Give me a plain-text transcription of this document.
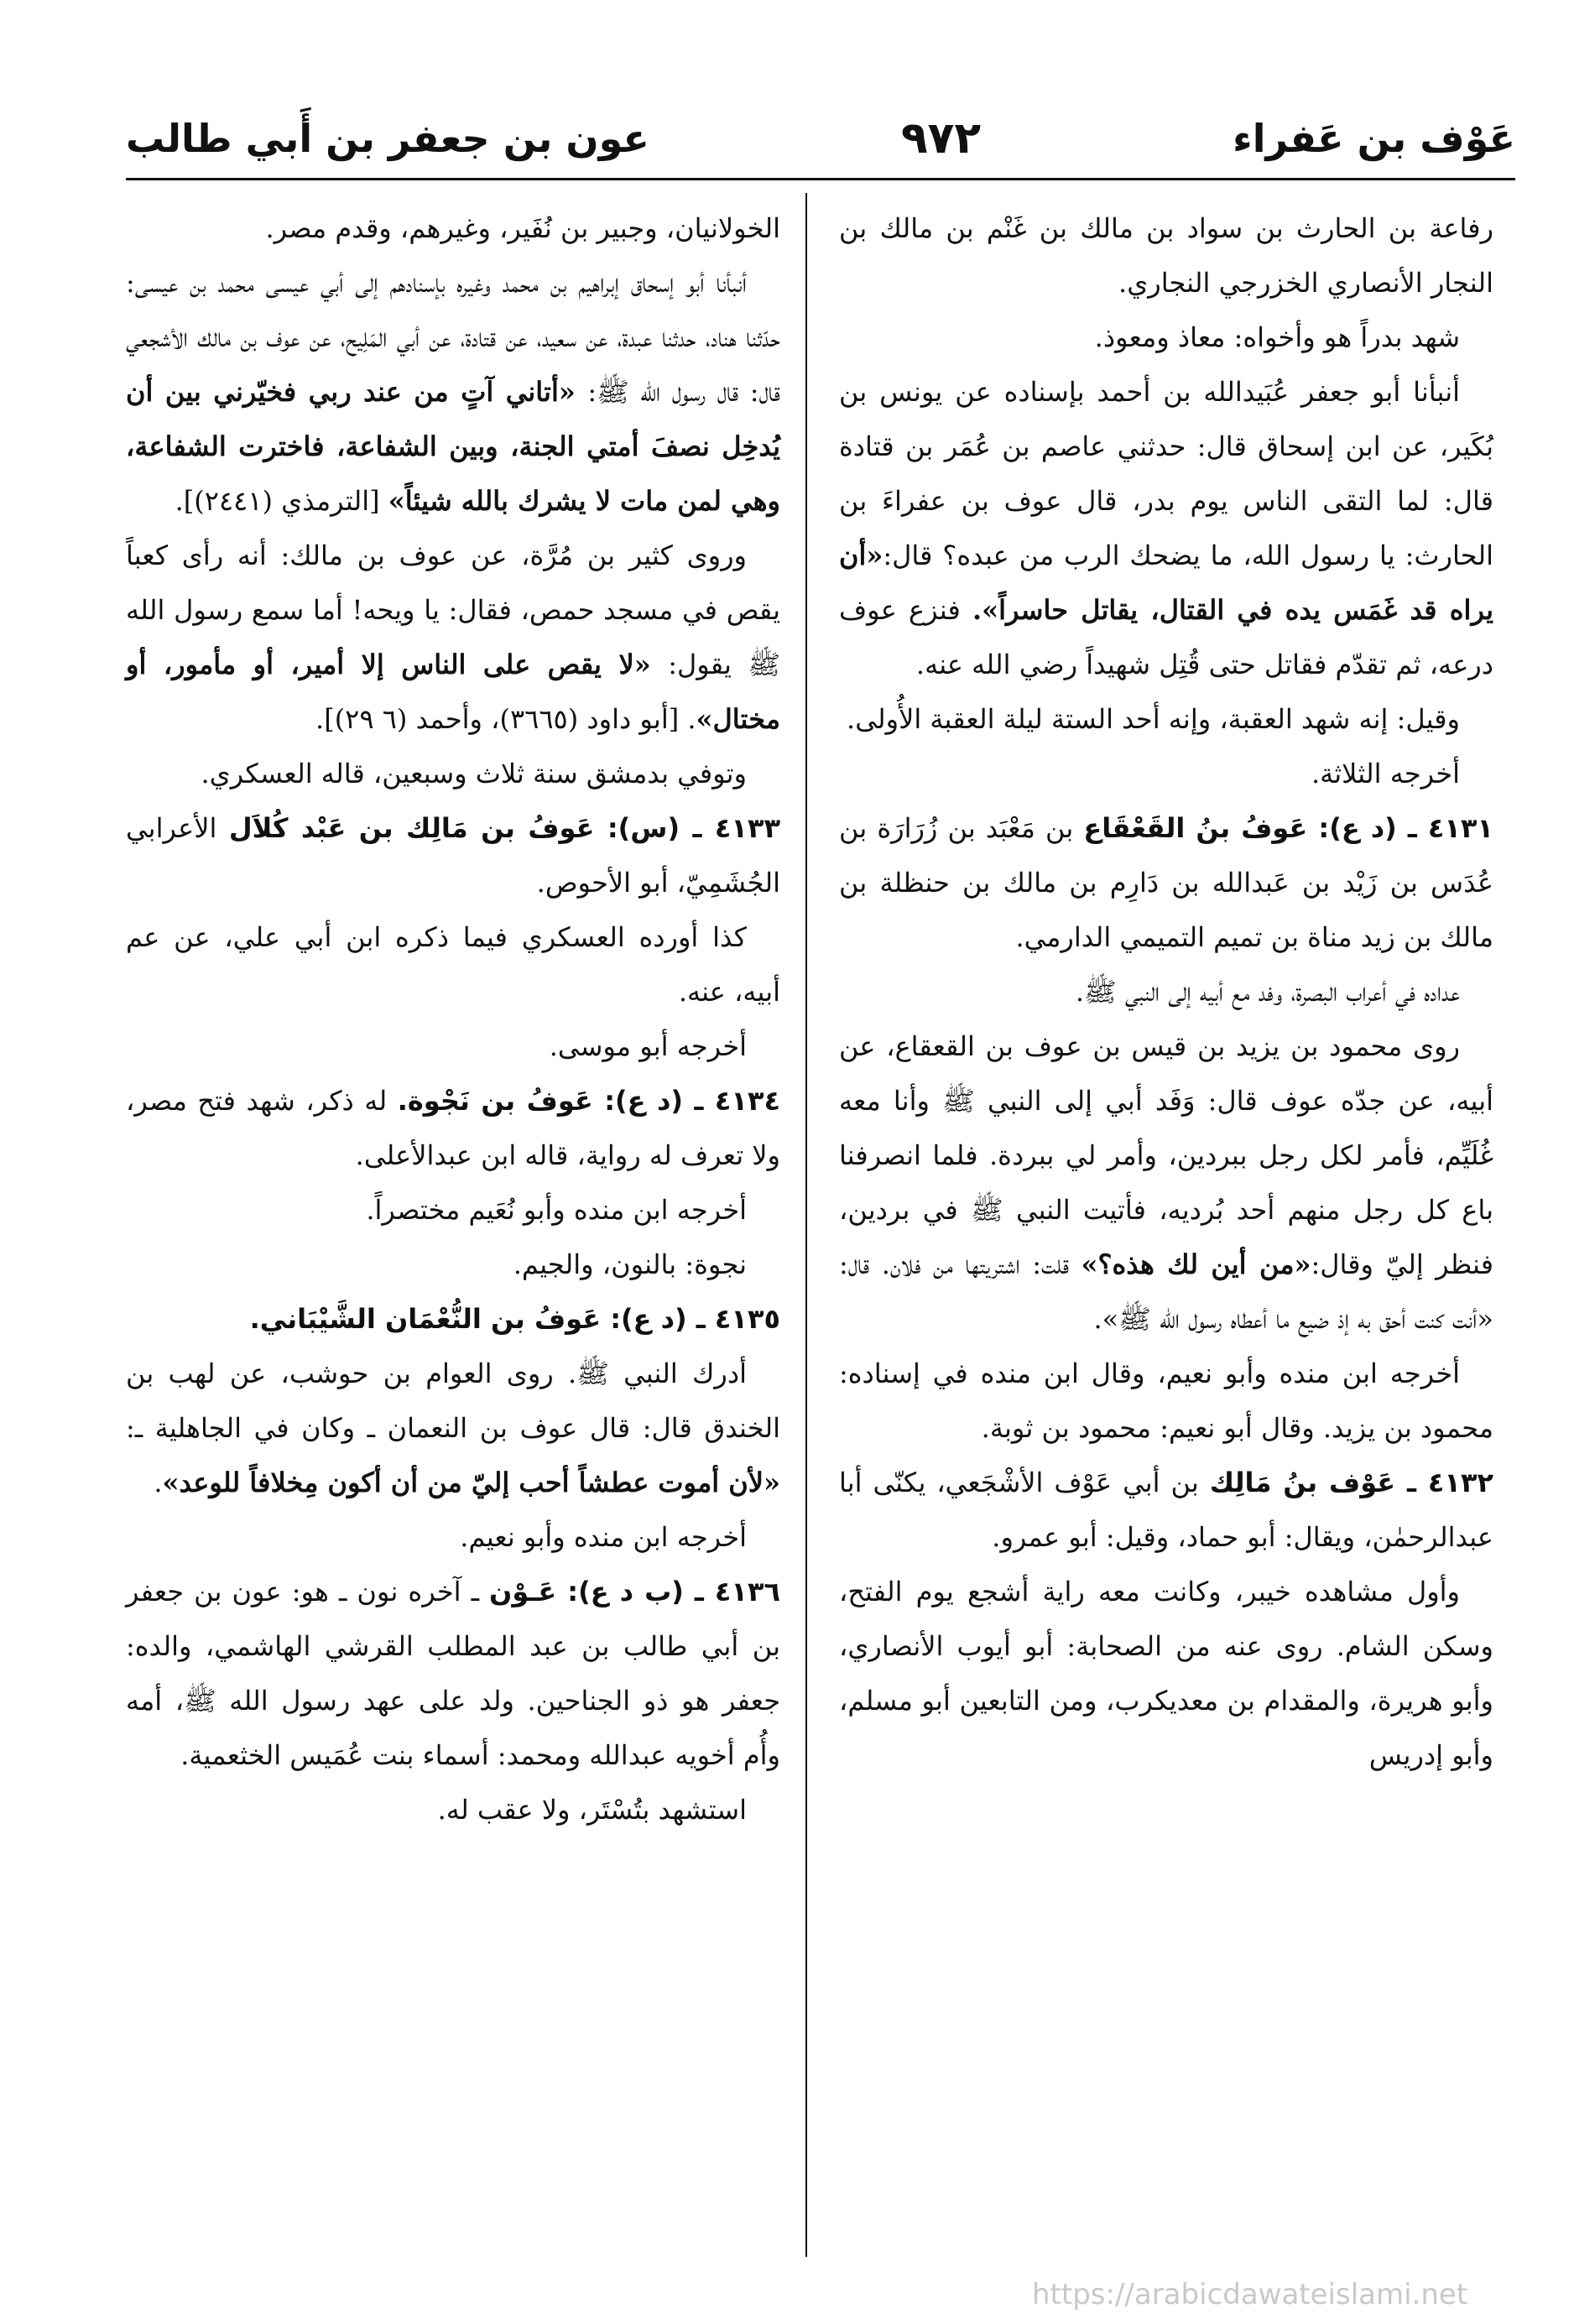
عَوْف بن عَفراء
٩٧٢
عون بن جعفر بن أَبي طالب

رفاعة بن الحارث بن سواد بن مالك بن غَنْم بن مالك بن النجار الأنصاري الخزرجي النجاري.

شهد بدراً هو وأخواه: معاذ ومعوذ.

أنبأنا أبو جعفر عُبَيدالله بن أحمد بإسناده عن يونس بن بُكَير، عن ابن إسحاق قال: حدثني عاصم بن عُمَر بن قتادة قال: لما التقى الناس يوم بدر، قال عوف بن عفراءَ بن الحارث: يا رسول الله، ما يضحك الرب من عبده؟ قال:«أن يراه قد غَمَس يده في القتال، يقاتل حاسراً». فنزع عوف درعه، ثم تقدّم فقاتل حتى قُتِل شهيداً رضي الله عنه.

وقيل: إنه شهد العقبة، وإنه أحد الستة ليلة العقبة الأُولى.

أخرجه الثلاثة.

٤١٣١ ـ (د ع): عَوفُ بنُ القَعْقَاع بن مَعْبَد بن زُرَارَة بن عُدَس بن زَيْد بن عَبدالله بن دَارِم بن مالك بن حنظلة بن مالك بن زيد مناة بن تميم التميمي الدارمي.

عداده في أعراب البصرة، وفد مع أبيه إلى النبي ﷺ.

روى محمود بن يزيد بن قيس بن عوف بن القعقاع، عن أبيه، عن جدّه عوف قال: وَفَد أبي إلى النبي ﷺ وأنا معه غُلَيِّم، فأمر لكل رجل ببردين، وأمر لي ببردة. فلما انصرفنا باع كل رجل منهم أحد بُرديه، فأتيت النبي ﷺ في بردين، فنظر إليّ وقال:«من أين لك هذه؟» قلت: اشتريتها من فلان. قال: «أنت كنت أحق به إذ ضيع ما أعطاه رسول الله ﷺ».

أخرجه ابن منده وأبو نعيم، وقال ابن منده في إسناده: محمود بن يزيد. وقال أبو نعيم: محمود بن ثوبة.

٤١٣٢ ـ عَوْف بنُ مَالِك بن أبي عَوْف الأشْجَعي، يكنّى أبا عبدالرحمٰن، ويقال: أبو حماد، وقيل: أبو عمرو.

وأول مشاهده خيبر، وكانت معه راية أشجع يوم الفتح، وسكن الشام. روى عنه من الصحابة: أبو أيوب الأنصاري، وأبو هريرة، والمقدام بن معديكرب، ومن التابعين أبو مسلم، وأبو إدريس

الخولانيان، وجبير بن نُفَير، وغيرهم، وقدم مصر.

أنبأنا أبو إسحاق إبراهيم بن محمد وغيره بإسنادهم إلى أبي عيسى محمد بن عيسى: حدّثنا هناد، حدثنا عبدة، عن سعيد، عن قتادة، عن أبي المَلِيح، عن عوف بن مالك الأشجعي قال: قال رسول الله ﷺ: «أتاني آتٍ من عند ربي فخيّرني بين أن يُدخِل نصفَ أمتي الجنة، وبين الشفاعة، فاخترت الشفاعة، وهي لمن مات لا يشرك بالله شيئاً» [الترمذي (٢٤٤١)].

وروى كثير بن مُرَّة، عن عوف بن مالك: أنه رأى كعباً يقص في مسجد حمص، فقال: يا ويحه! أما سمع رسول الله ﷺ يقول: «لا يقص على الناس إلا أمير، أو مأمور، أو مختال». [أبو داود (٣٦٦٥)، وأحمد (٦ ٢٩)].

وتوفي بدمشق سنة ثلاث وسبعين، قاله العسكري.

٤١٣٣ ـ (س): عَوفُ بن مَالِك بن عَبْد كُلاَل الأعرابي الجُشَمِيّ، أبو الأحوص.

كذا أورده العسكري فيما ذكره ابن أبي علي، عن عم أبيه، عنه.

أخرجه أبو موسى.

٤١٣٤ ـ (د ع): عَوفُ بن نَجْوة. له ذكر، شهد فتح مصر، ولا تعرف له رواية، قاله ابن عبدالأعلى.

أخرجه ابن منده وأبو نُعَيم مختصراً.

نجوة: بالنون، والجيم.

٤١٣٥ ـ (د ع): عَوفُ بن النُّعْمَان الشَّيْبَاني.

أدرك النبي ﷺ. روى العوام بن حوشب، عن لهب بن الخندق قال: قال عوف بن النعمان ـ وكان في الجاهلية ـ: «لأن أموت عطشاً أحب إليّ من أن أكون مِخلافاً للوعد».

أخرجه ابن منده وأبو نعيم.

٤١٣٦ ـ (ب د ع): عَـوْن ـ آخره نون ـ هو: عون بن جعفر بن أبي طالب بن عبد المطلب القرشي الهاشمي، والده: جعفر هو ذو الجناحين. ولد على عهد رسول الله ﷺ، أمه وأُم أخويه عبدالله ومحمد: أسماء بنت عُمَيس الخثعمية.

استشهد بتُسْتَر، ولا عقب له.

https://arabicdawateislami.net
